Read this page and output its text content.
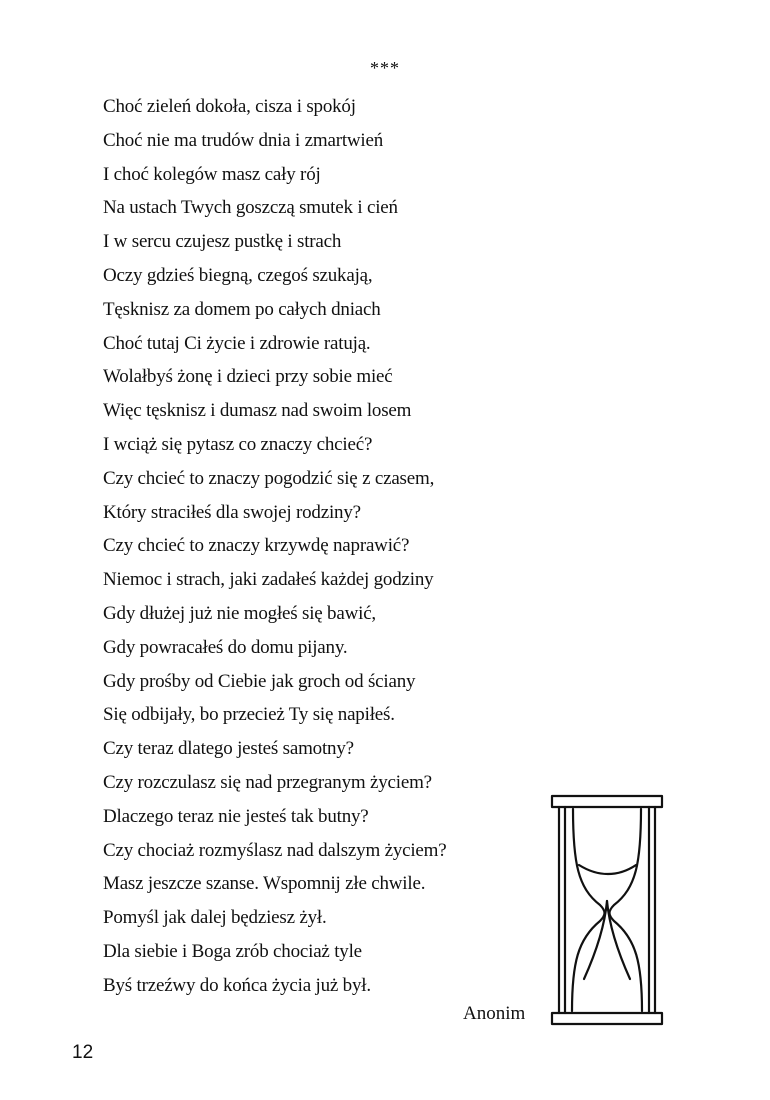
***
Choć zieleń dokoła, cisza i spokój
Choć nie ma trudów dnia i zmartwień
I choć kolegów masz cały rój
Na ustach Twych goszczą smutek i cień
I w sercu czujesz pustkę i strach
Oczy gdzieś biegną, czegoś szukają,
Tęsknisz za domem po całych dniach
Choć tutaj Ci życie i zdrowie ratują.
Wolałbyś żonę i dzieci przy sobie mieć
Więc tęsknisz i dumasz nad swoim losem
I wciąż się pytasz co znaczy chcieć?
Czy chcieć to znaczy pogodzić się z czasem,
Który straciłeś dla swojej rodziny?
Czy chcieć to znaczy krzywdę naprawić?
Niemoc i strach, jaki zadałeś każdej godziny
Gdy dłużej już nie mogłeś się bawić,
Gdy powracałeś do domu pijany.
Gdy prośby od Ciebie jak groch od ściany
Się odbijały, bo przecież Ty się napiłeś.
Czy teraz dlatego jesteś samotny?
Czy rozczulasz się nad przegranym życiem?
Dlaczego teraz nie jesteś tak butny?
Czy chociaż rozmyślasz nad dalszym życiem?
Masz jeszcze szanse. Wspomnij złe chwile.
Pomyśl jak dalej będziesz żył.
Dla siebie i Boga zrób chociaż tyle
Byś trzeźwy do końca życia już był.
Anonim
12
